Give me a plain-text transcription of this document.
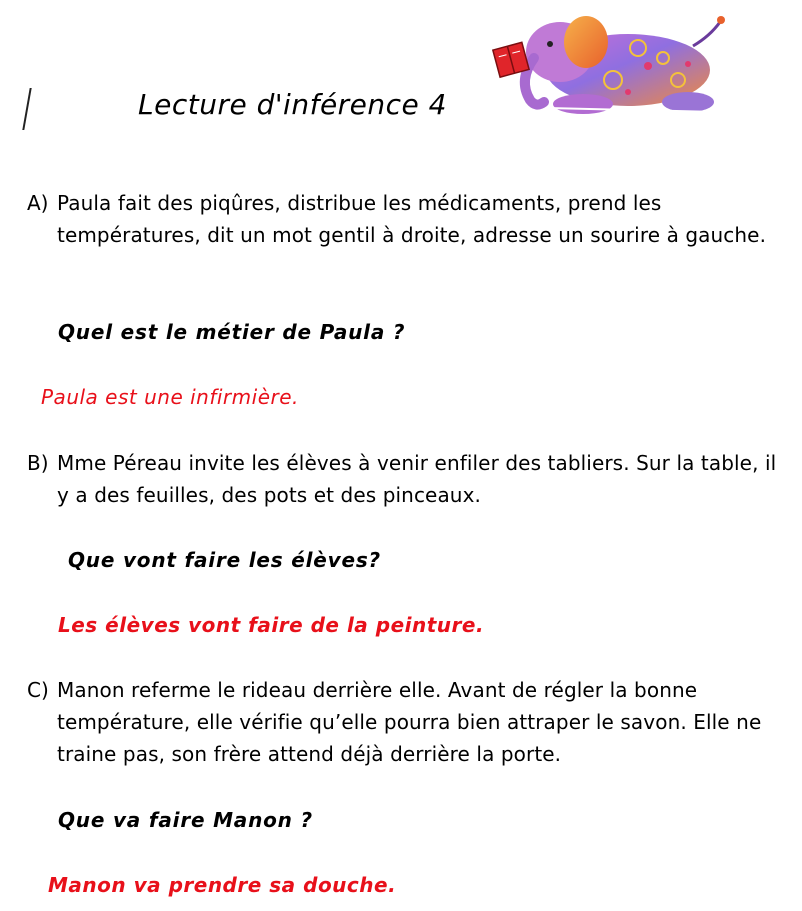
Lecture d'inférence 4
A) Paula fait des piqûres, distribue les médicaments, prend les températures, dit un mot gentil à droite, adresse un sourire à gauche.
Quel est le métier de Paula ?
Paula est une infirmière.
B) Mme Péreau invite les élèves à venir enfiler des tabliers. Sur la table, il y a des feuilles, des pots et des pinceaux.
Que vont faire les élèves?
Les élèves vont faire de la peinture.
C) Manon referme le rideau derrière elle. Avant de régler la bonne température, elle vérifie qu’elle pourra bien attraper le savon. Elle ne traine pas, son frère attend déjà derrière la porte.
Que va faire Manon ?
Manon va prendre sa douche.
